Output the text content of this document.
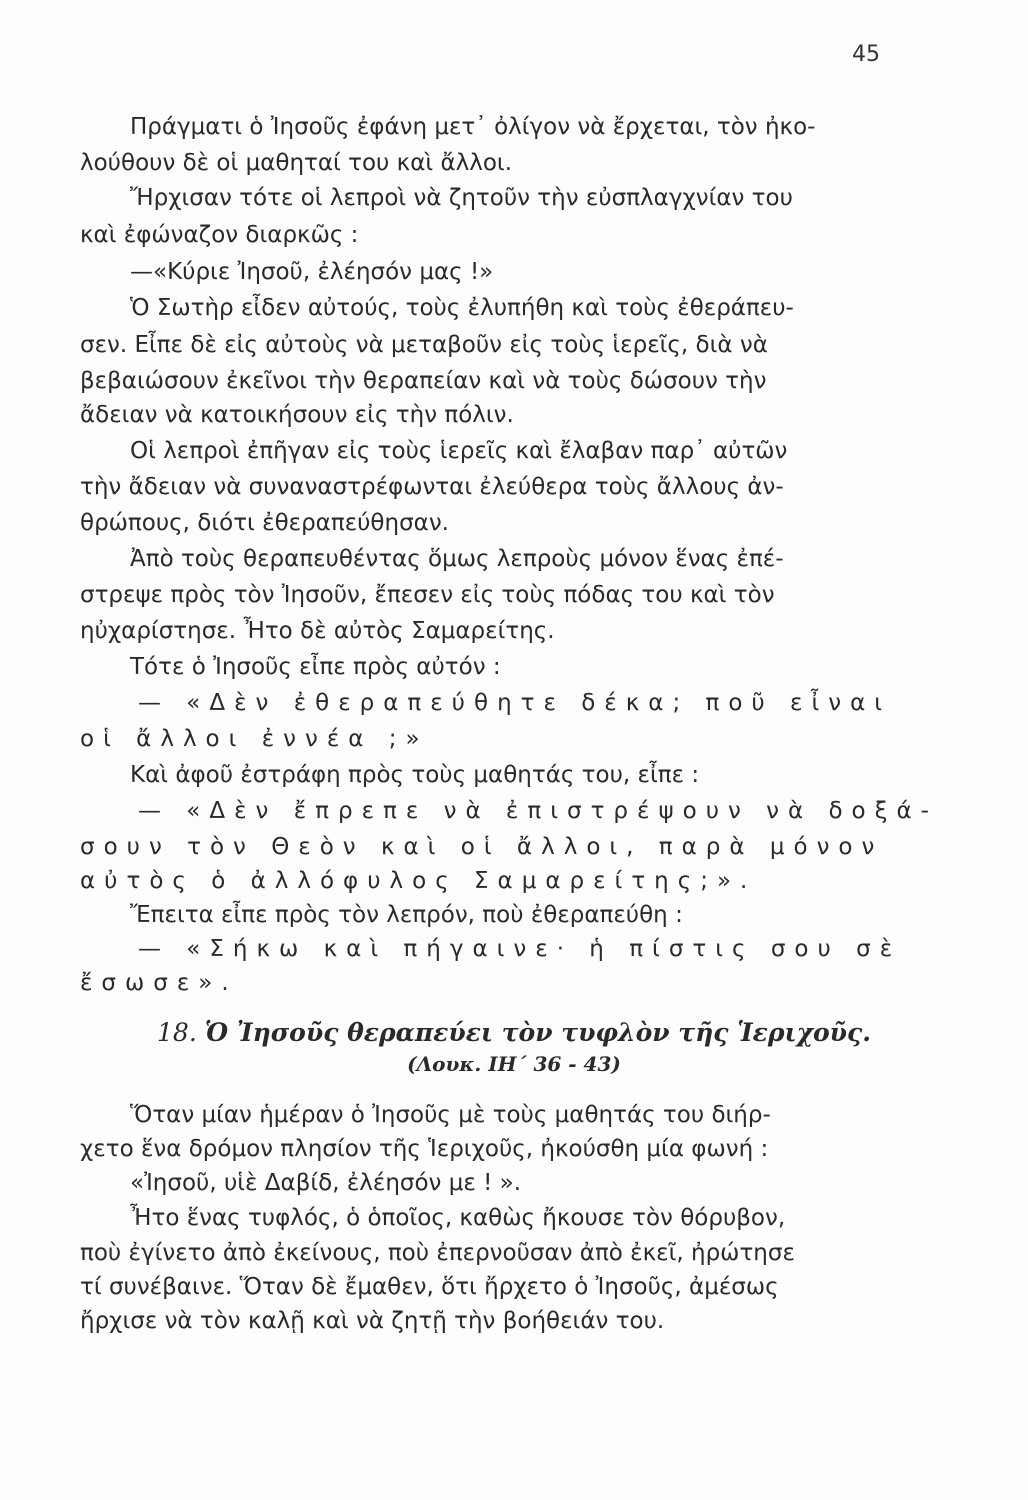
45
Πράγματι ὁ Ἰησοῦς ἐφάνη μετ᾽ ὀλίγον νὰ ἔρχεται, τὸν ἠκο-
λούθουν δὲ οἱ μαθηταί του καὶ ἄλλοι.
Ἤρχισαν τότε οἱ λεπροὶ νὰ ζητοῦν τὴν εὐσπλαγχνίαν του
καὶ ἐφώναζον διαρκῶς :
—«Κύριε Ἰησοῦ, ἐλέησόν μας !»
Ὁ Σωτὴρ εἶδεν αὐτούς, τοὺς ἐλυπήθη καὶ τοὺς ἐθεράπευ-
σεν. Εἶπε δὲ εἰς αὐτοὺς νὰ μεταβοῦν εἰς τοὺς ἱερεῖς, διὰ νὰ
βεβαιώσουν ἐκεῖνοι τὴν θεραπείαν καὶ νὰ τοὺς δώσουν τὴν
ἄδειαν νὰ κατοικήσουν εἰς τὴν πόλιν.
Οἱ λεπροὶ ἐπῆγαν εἰς τοὺς ἱερεῖς καὶ ἔλαβαν παρ᾽ αὐτῶν
τὴν ἄδειαν νὰ συναναστρέφωνται ἐλεύθερα τοὺς ἄλλους ἀν-
θρώπους, διότι ἐθεραπεύθησαν.
Ἀπὸ τοὺς θεραπευθέντας ὅμως λεπροὺς μόνον ἕνας ἐπέ-
στρεψε πρὸς τὸν Ἰησοῦν, ἔπεσεν εἰς τοὺς πόδας του καὶ τὸν
ηὐχαρίστησε. Ἦτο δὲ αὐτὸς Σαμαρείτης.
Τότε ὁ Ἰησοῦς εἶπε πρὸς αὐτόν :
— «Δὲν ἐθεραπεύθητε δέκα; ποῦ εἶναι
οἱ ἄλλοι ἐννέα ;»
Καὶ ἀφοῦ ἐστράφη πρὸς τοὺς μαθητάς του, εἶπε :
— «Δὲν ἔπρεπε νὰ ἐπιστρέψουν νὰ δοξά-
σουν τὸν Θεὸν καὶ οἱ ἄλλοι, παρὰ μόνον
αὐτὸς ὁ ἀλλόφυλος Σαμαρείτης;».
Ἔπειτα εἶπε πρὸς τὸν λεπρόν, ποὺ ἐθεραπεύθη :
— «Σήκω καὶ πήγαινε· ἡ πίστις σου σὲ
ἔσωσε».
18. Ὁ Ἰησοῦς θεραπεύει τὸν τυφλὸν τῆς Ἱεριχοῦς.
(Λουκ. ΙΗ´ 36 - 43)
Ὅταν μίαν ἡμέραν ὁ Ἰησοῦς μὲ τοὺς μαθητάς του διήρ-
χετο ἕνα δρόμον πλησίον τῆς Ἱεριχοῦς, ἠκούσθη μία φωνή :
«Ἰησοῦ, υἱὲ Δαβίδ, ἐλέησόν με ! ».
Ἦτο ἕνας τυφλός, ὁ ὁποῖος, καθὼς ἤκουσε τὸν θόρυβον,
ποὺ ἐγίνετο ἀπὸ ἐκείνους, ποὺ ἐπερνοῦσαν ἀπὸ ἐκεῖ, ἠρώτησε
τί συνέβαινε. Ὅταν δὲ ἔμαθεν, ὅτι ἤρχετο ὁ Ἰησοῦς, ἀμέσως
ἤρχισε νὰ τὸν καλῇ καὶ νὰ ζητῇ τὴν βοήθειάν του.
